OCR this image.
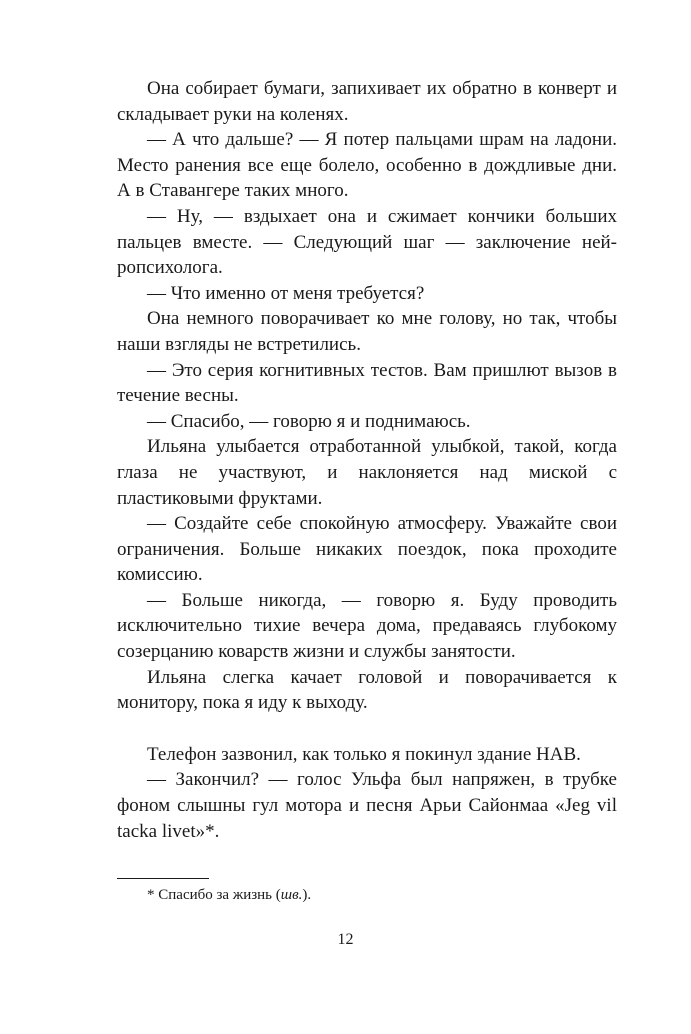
Она собирает бумаги, запихивает их обратно в конверт и складывает руки на коленях.

— А что дальше? — Я потер пальцами шрам на ладони. Место ранения все еще болело, особенно в дождливые дни. А в Ставангере таких много.

— Ну, — вздыхает она и сжимает кончики больших пальцев вместе. — Следующий шаг — заключение нейропсихолога.

— Что именно от меня требуется?

Она немного поворачивает ко мне голову, но так, чтобы наши взгляды не встретились.

— Это серия когнитивных тестов. Вам пришлют вызов в течение весны.

— Спасибо, — говорю я и поднимаюсь.

Ильяна улыбается отработанной улыбкой, такой, когда глаза не участвуют, и наклоняется над миской с пластиковыми фруктами.

— Создайте себе спокойную атмосферу. Уважайте свои ограничения. Больше никаких поездок, пока проходите комиссию.

— Больше никогда, — говорю я. Буду проводить исключительно тихие вечера дома, предаваясь глубокому созерцанию коварств жизни и службы занятости.

Ильяна слегка качает головой и поворачивается к монитору, пока я иду к выходу.

Телефон зазвонил, как только я покинул здание НАВ.

— Закончил? — голос Ульфа был напряжен, в трубке фоном слышны гул мотора и песня Арьи Сайонмаа «Jeg vil tacka livet»*.

* Спасибо за жизнь (шв.).
12
